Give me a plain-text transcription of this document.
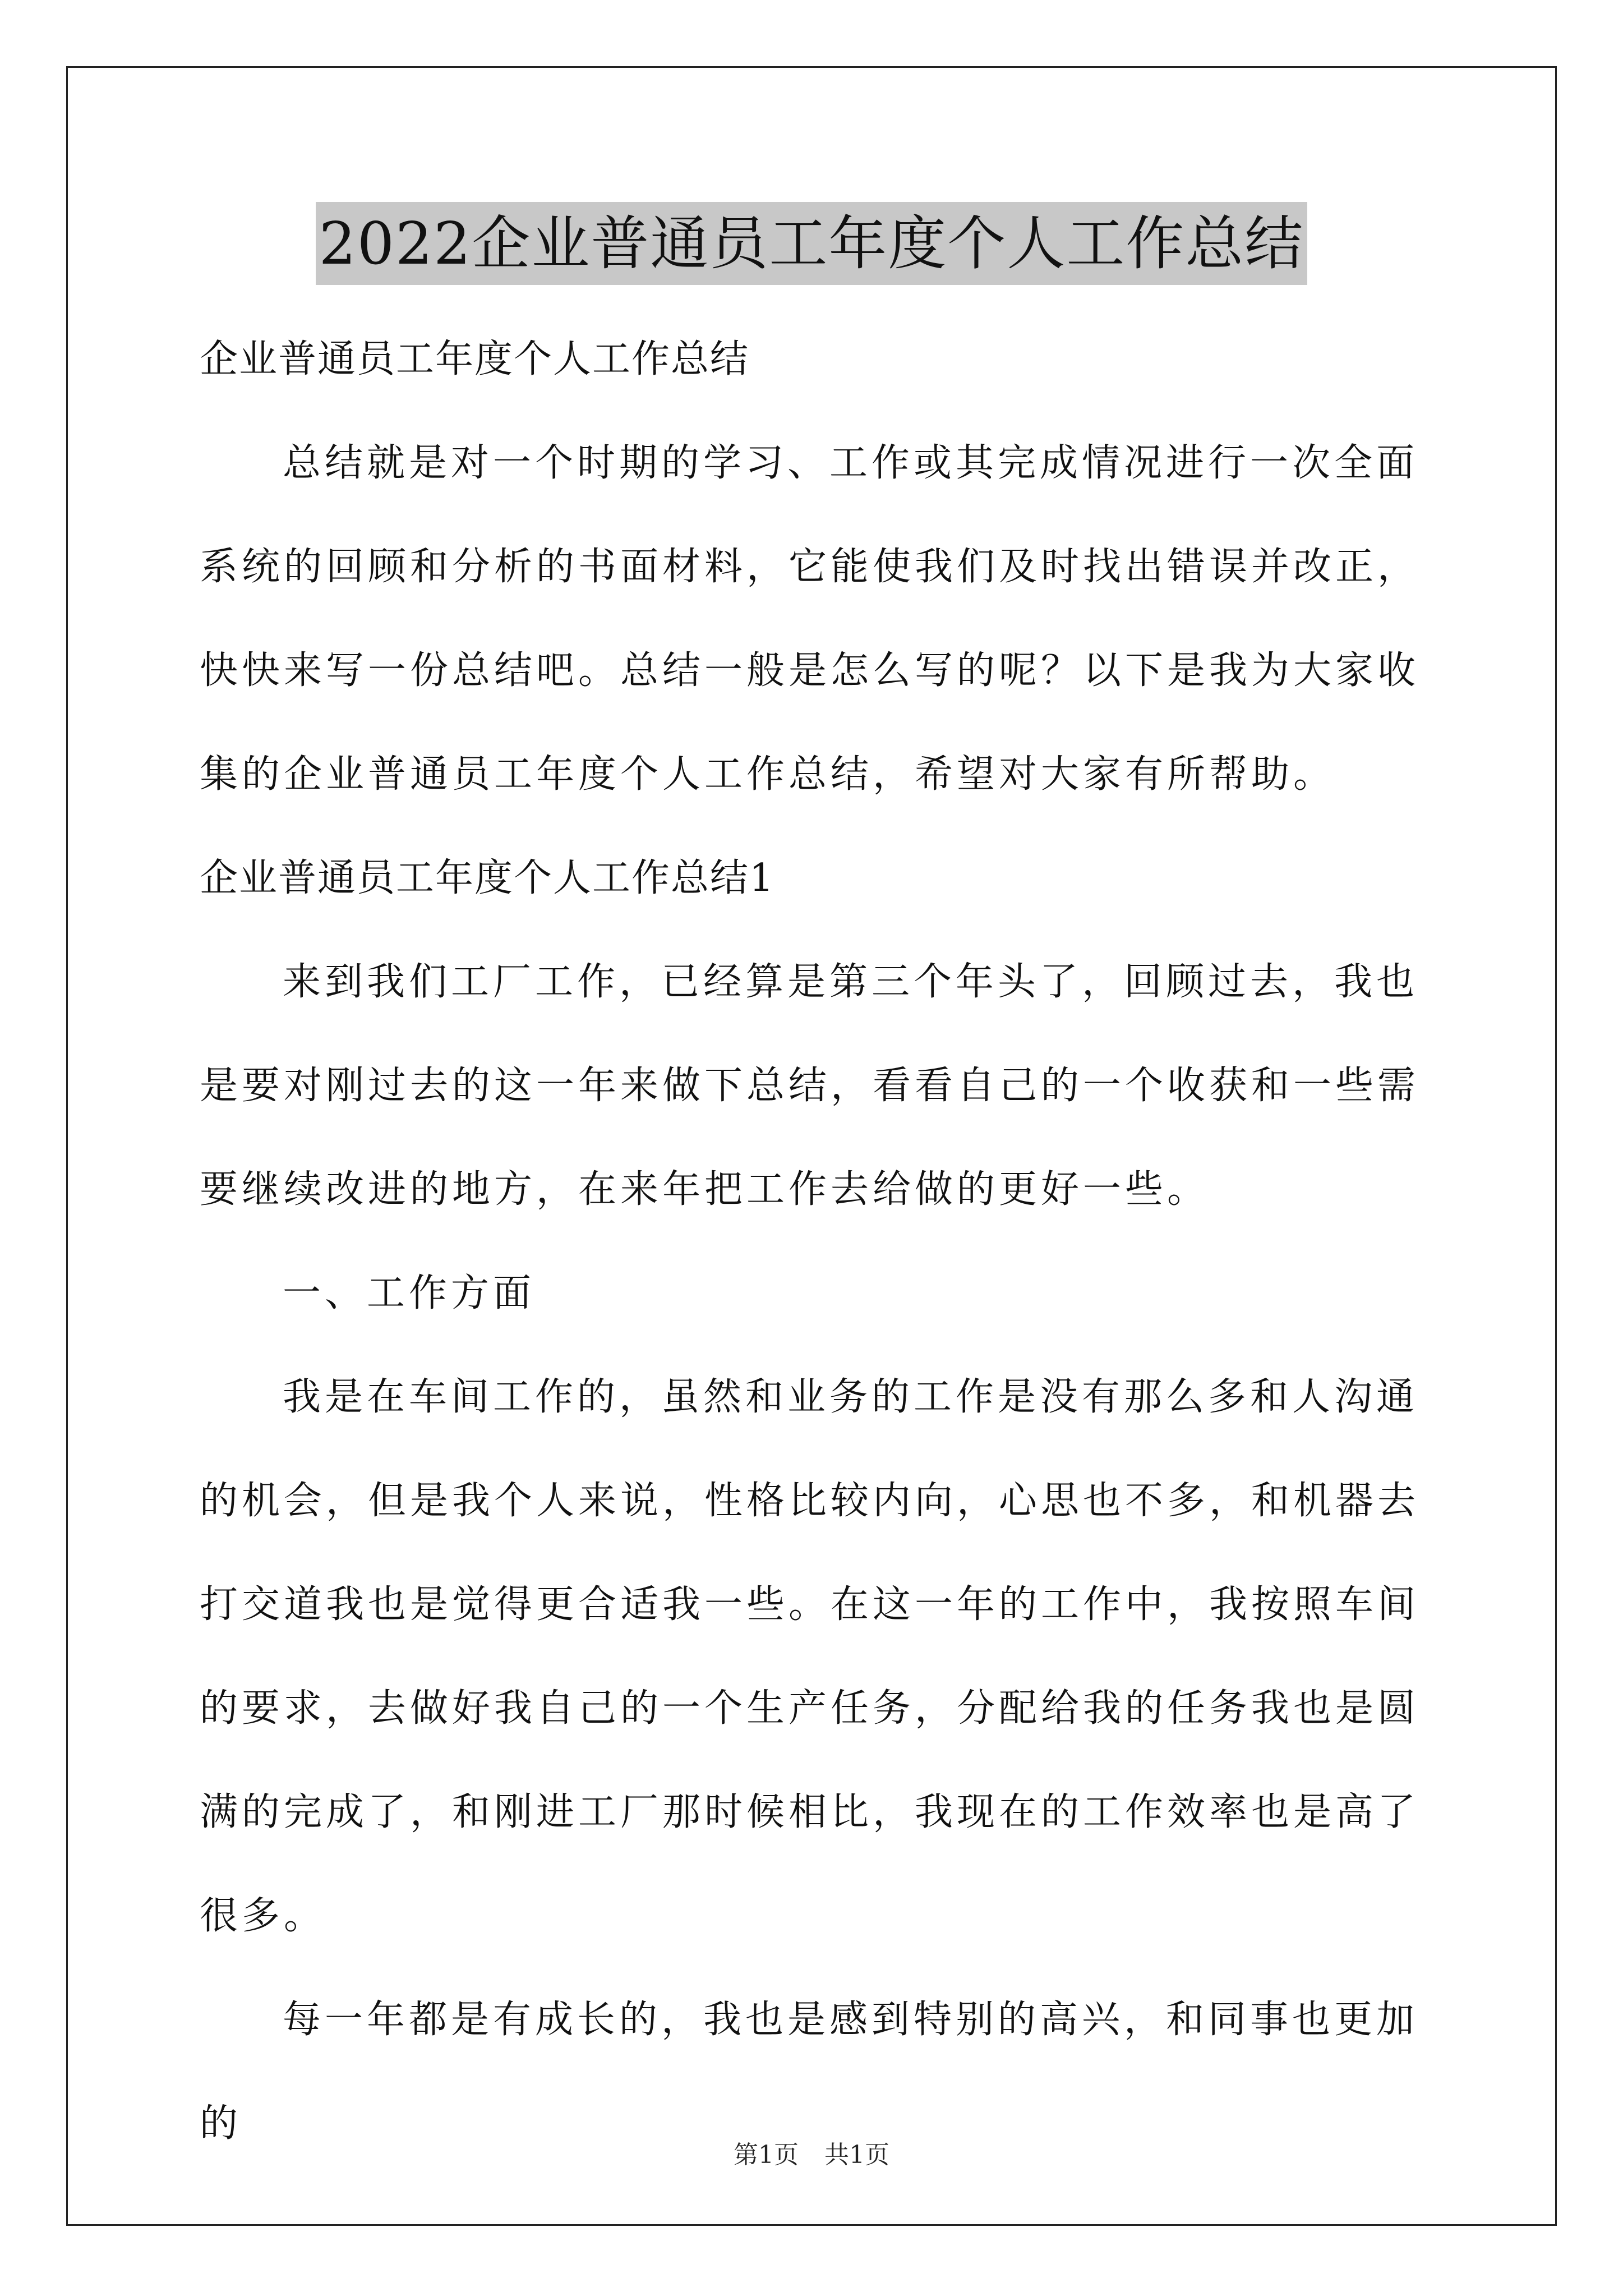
2022企业普通员工年度个人工作总结

企业普通员工年度个人工作总结

总结就是对一个时期的学习、工作或其完成情况进行一次全面系统的回顾和分析的书面材料，它能使我们及时找出错误并改正，快快来写一份总结吧。总结一般是怎么写的呢？以下是我为大家收集的企业普通员工年度个人工作总结，希望对大家有所帮助。

企业普通员工年度个人工作总结1

来到我们工厂工作，已经算是第三个年头了，回顾过去，我也是要对刚过去的这一年来做下总结，看看自己的一个收获和一些需要继续改进的地方，在来年把工作去给做的更好一些。

一、工作方面

我是在车间工作的，虽然和业务的工作是没有那么多和人沟通的机会，但是我个人来说，性格比较内向，心思也不多，和机器去打交道我也是觉得更合适我一些。在这一年的工作中，我按照车间的要求，去做好我自己的一个生产任务，分配给我的任务我也是圆满的完成了，和刚进工厂那时候相比，我现在的工作效率也是高了很多。

每一年都是有成长的，我也是感到特别的高兴，和同事也更加的

第1页 共1页
